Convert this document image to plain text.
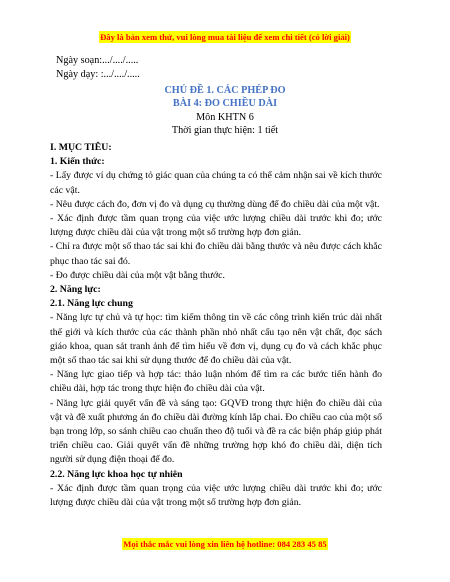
Đây là bản xem thử, vui lòng mua tài liệu để xem chi tiết (có lời giải)
Ngày soạn:.../..../.....
Ngày dạy: :.../..../.....
CHỦ ĐỀ 1. CÁC PHÉP ĐO
BÀI 4: ĐO CHIỀU DÀI
Môn KHTN 6
Thời gian thực hiện: 1 tiết

I. MỤC TIÊU:

1. Kiến thức:

- Lấy được ví dụ chứng tỏ giác quan của chúng ta có thể cảm nhận sai về kích thước các vật.

- Nêu được cách đo, đơn vị đo và dụng cụ thường dùng để đo chiều dài của một vật.

- Xác định được tầm quan trọng của việc ước lượng chiều dài trước khi đo; ước lượng được chiều dài của vật trong một số trường hợp đơn giản.

- Chỉ ra được một số thao tác sai khi đo chiều dài bằng thước và nêu được cách khắc phục thao tác sai đó.

- Đo được chiều dài của một vật bằng thước.

2. Năng lực:

2.1. Năng lực chung

- Năng lực tự chủ và tự học: tìm kiếm thông tin về các công trình kiến trúc dài nhất thế giới và kích thước của các thành phần nhỏ nhất cấu tạo nên vật chất, đọc sách giáo khoa, quan sát tranh ảnh để tìm hiểu về đơn vị, dụng cụ đo và cách khắc phục một số thao tác sai khi sử dụng thước để đo chiều dài của vật.

- Năng lực giao tiếp và hợp tác: thảo luận nhóm để tìm ra các bước tiến hành đo chiều dài, hợp tác trong thực hiện đo chiều dài của vật.

- Năng lực giải quyết vấn đề và sáng tạo: GQVĐ trong thực hiện đo chiều dài của vật và đề xuất phương án đo chiều dài đường kính lắp chai. Đo chiều cao của một số bạn trong lớp, so sánh chiều cao chuẩn theo độ tuổi và đề ra các biện pháp giúp phát triển chiều cao. Giải quyết vấn đề những trường hợp khó đo chiều dài, diện tích người sử dụng điện thoại để đo.

2.2. Năng lực khoa học tự nhiên

- Xác định được tầm quan trọng của việc ước lượng chiều dài trước khi đo; ước lượng được chiều dài của vật trong một số trường hợp đơn giản.

Mọi thắc mắc vui lòng xin liên hệ hotline: 084 283 45 85
